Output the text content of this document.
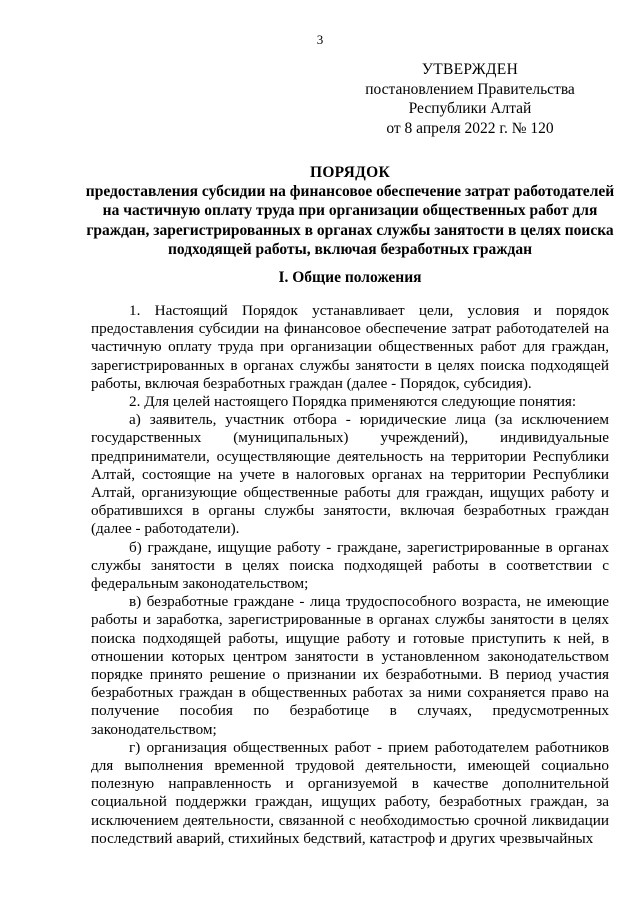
3
УТВЕРЖДЕН
постановлением Правительства
Республики Алтай
от 8 апреля 2022 г. № 120
ПОРЯДОК
предоставления субсидии на финансовое обеспечение затрат работодателей
на частичную оплату труда при организации общественных работ для
граждан, зарегистрированных в органах службы занятости в целях поиска
подходящей работы, включая безработных граждан
I. Общие положения

1. Настоящий Порядок устанавливает цели, условия и порядок предоставления субсидии на финансовое обеспечение затрат работодателей на частичную оплату труда при организации общественных работ для граждан, зарегистрированных в органах службы занятости в целях поиска подходящей работы, включая безработных граждан (далее - Порядок, субсидия).

2. Для целей настоящего Порядка применяются следующие понятия:

а) заявитель, участник отбора - юридические лица (за исключением государственных (муниципальных) учреждений), индивидуальные предприниматели, осуществляющие деятельность на территории Республики Алтай, состоящие на учете в налоговых органах на территории Республики Алтай, организующие общественные работы для граждан, ищущих работу и обратившихся в органы службы занятости, включая безработных граждан (далее - работодатели).

б) граждане, ищущие работу - граждане, зарегистрированные в органах службы занятости в целях поиска подходящей работы в соответствии с федеральным законодательством;

в) безработные граждане - лица трудоспособного возраста, не имеющие работы и заработка, зарегистрированные в органах службы занятости в целях поиска подходящей работы, ищущие работу и готовые приступить к ней, в отношении которых центром занятости в установленном законодательством порядке принято решение о признании их безработными. В период участия безработных граждан в общественных работах за ними сохраняется право на получение пособия по безработице в случаях, предусмотренных законодательством;

г) организация общественных работ - прием работодателем работников для выполнения временной трудовой деятельности, имеющей социально полезную направленность и организуемой в качестве дополнительной социальной поддержки граждан, ищущих работу, безработных граждан, за исключением деятельности, связанной с необходимостью срочной ликвидации последствий аварий, стихийных бедствий, катастроф и других чрезвычайных
